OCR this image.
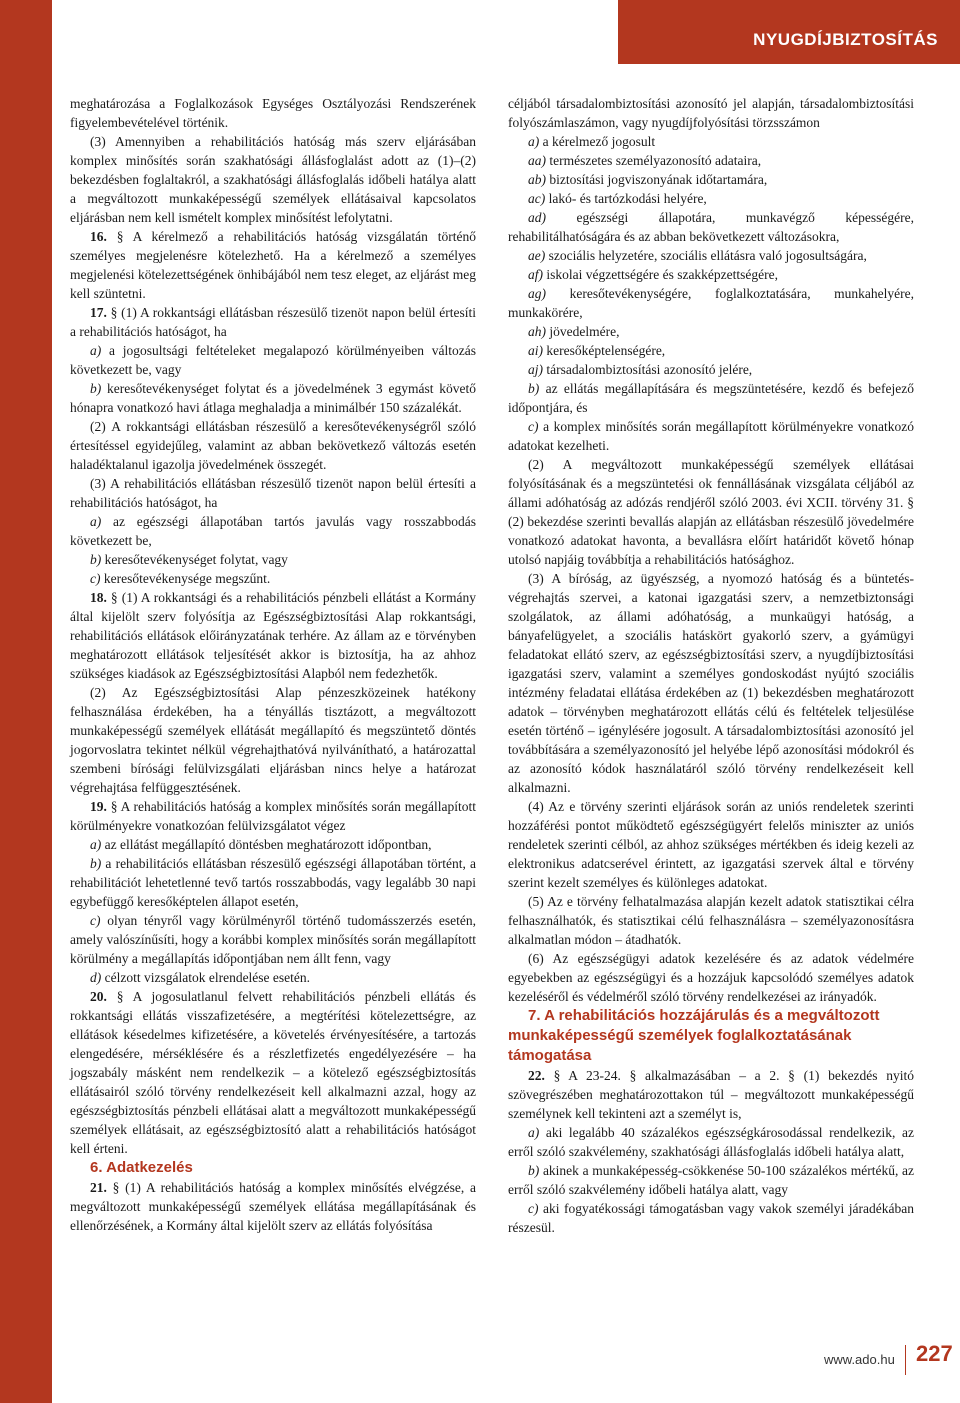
NYUGDÍJBIZTOSÍTÁS

meghatározása a Foglalkozások Egységes Osztályozási Rendszerének figyelembevételével történik.

(3) Amennyiben a rehabilitációs hatóság más szerv eljárásában komplex minősítés során szakhatósági állásfoglalást adott az (1)–(2) bekezdésben foglaltakról, a szakhatósági állásfoglalás időbeli hatálya alatt a megváltozott munkaképességű személyek ellátásaival kapcsolatos eljárásban nem kell ismételt komplex minősítést lefolytatni.

16. § A kérelmező a rehabilitációs hatóság vizsgálatán történő személyes megjelenésre kötelezhető. Ha a kérelmező a személyes megjelenési kötelezettségének önhibájából nem tesz eleget, az eljárást meg kell szüntetni.

17. § (1) A rokkantsági ellátásban részesülő tizenöt napon belül értesíti a rehabilitációs hatóságot, ha

a) a jogosultsági feltételeket megalapozó körülményeiben változás következett be, vagy

b) keresőtevékenységet folytat és a jövedelmének 3 egymást követő hónapra vonatkozó havi átlaga meghaladja a minimálbér 150 százalékát.

(2) A rokkantsági ellátásban részesülő a keresőtevékenységről szóló értesítéssel egyidejűleg, valamint az abban bekövetkező változás esetén haladéktalanul igazolja jövedelmének összegét.

(3) A rehabilitációs ellátásban részesülő tizenöt napon belül értesíti a rehabilitációs hatóságot, ha

a) az egészségi állapotában tartós javulás vagy rosszabbodás következett be,

b) keresőtevékenységet folytat, vagy

c) keresőtevékenysége megszűnt.

18. § (1) A rokkantsági és a rehabilitációs pénzbeli ellátást a Kormány által kijelölt szerv folyósítja az Egészségbiztosítási Alap rokkantsági, rehabilitációs ellátások előirányzatának terhére. Az állam az e törvényben meghatározott ellátások teljesítését akkor is biztosítja, ha az ahhoz szükséges kiadások az Egészségbiztosítási Alapból nem fedezhetők.

(2) Az Egészségbiztosítási Alap pénzeszközeinek hatékony felhasználása érdekében, ha a tényállás tisztázott, a megváltozott munkaképességű személyek ellátását megállapító és megszüntető döntés jogorvoslatra tekintet nélkül végrehajthatóvá nyilvánítható, a határozattal szembeni bírósági felülvizsgálati eljárásban nincs helye a határozat végrehajtása felfüggesztésének.

19. § A rehabilitációs hatóság a komplex minősítés során megállapított körülményekre vonatkozóan felülvizsgálatot végez

a) az ellátást megállapító döntésben meghatározott időpontban,

b) a rehabilitációs ellátásban részesülő egészségi állapotában történt, a rehabilitációt lehetetlenné tevő tartós rosszabbodás, vagy legalább 30 napi egybefüggő keresőképtelen állapot esetén,

c) olyan tényről vagy körülményről történő tudomásszerzés esetén, amely valószínűsíti, hogy a korábbi komplex minősítés során megállapított körülmény a megállapítás időpontjában nem állt fenn, vagy

d) célzott vizsgálatok elrendelése esetén.

20. § A jogosulatlanul felvett rehabilitációs pénzbeli ellátás és rokkantsági ellátás visszafizetésére, a megtérítési kötelezettségre, az ellátások késedelmes kifizetésére, a követelés érvényesítésére, a tartozás elengedésére, mérséklésére és a részletfizetés engedélyezésére – ha jogszabály másként nem rendelkezik – a kötelező egészségbiztosítás ellátásairól szóló törvény rendelkezéseit kell alkalmazni azzal, hogy az egészségbiztosítás pénzbeli ellátásai alatt a megváltozott munkaképességű személyek ellátásait, az egészségbiztosító alatt a rehabilitációs hatóságot kell érteni.

6. Adatkezelés

21. § (1) A rehabilitációs hatóság a komplex minősítés elvégzése, a megváltozott munkaképességű személyek ellátása megállapításának és ellenőrzésének, a Kormány által kijelölt szerv az ellátás folyósítása

céljából társadalombiztosítási azonosító jel alapján, társadalombiztosítási folyószámlaszámon, vagy nyugdíjfolyósítási törzsszámon

a) a kérelmező jogosult

aa) természetes személyazonosító adataira,

ab) biztosítási jogviszonyának időtartamára,

ac) lakó- és tartózkodási helyére,

ad) egészségi állapotára, munkavégző képességére, rehabilitálhatóságára és az abban bekövetkezett változásokra,

ae) szociális helyzetére, szociális ellátásra való jogosultságára,

af) iskolai végzettségére és szakképzettségére,

ag) keresőtevékenységére, foglalkoztatására, munkahelyére, munkakörére,

ah) jövedelmére,

ai) keresőképtelenségére,

aj) társadalombiztosítási azonosító jelére,

b) az ellátás megállapítására és megszüntetésére, kezdő és befejező időpontjára, és

c) a komplex minősítés során megállapított körülményekre vonatkozó adatokat kezelheti.

(2) A megváltozott munkaképességű személyek ellátásai folyósításának és a megszüntetési ok fennállásának vizsgálata céljából az állami adóhatóság az adózás rendjéről szóló 2003. évi XCII. törvény 31. § (2) bekezdése szerinti bevallás alapján az ellátásban részesülő jövedelmére vonatkozó adatokat havonta, a bevallásra előírt határidőt követő hónap utolsó napjáig továbbítja a rehabilitációs hatósághoz.

(3) A bíróság, az ügyészség, a nyomozó hatóság és a büntetés-végrehajtás szervei, a katonai igazgatási szerv, a nemzetbiztonsági szolgálatok, az állami adóhatóság, a munkaügyi hatóság, a bányafelügyelet, a szociális hatáskört gyakorló szerv, a gyámügyi feladatokat ellátó szerv, az egészségbiztosítási szerv, a nyugdíjbiztosítási igazgatási szerv, valamint a személyes gondoskodást nyújtó szociális intézmény feladatai ellátása érdekében az (1) bekezdésben meghatározott adatok – törvényben meghatározott ellátás célú és feltételek teljesülése esetén történő – igénylésére jogosult. A társadalombiztosítási azonosító jel továbbítására a személyazonosító jel helyébe lépő azonosítási módokról és az azonosító kódok használatáról szóló törvény rendelkezéseit kell alkalmazni.

(4) Az e törvény szerinti eljárások során az uniós rendeletek szerinti hozzáférési pontot működtető egészségügyért felelős miniszter az uniós rendeletek szerinti célból, az ahhoz szükséges mértékben és ideig kezeli az elektronikus adatcserével érintett, az igazgatási szervek által e törvény szerint kezelt személyes és különleges adatokat.

(5) Az e törvény felhatalmazása alapján kezelt adatok statisztikai célra felhasználhatók, és statisztikai célú felhasználásra – személyazonosításra alkalmatlan módon – átadhatók.

(6) Az egészségügyi adatok kezelésére és az adatok védelmére egyebekben az egészségügyi és a hozzájuk kapcsolódó személyes adatok kezeléséről és védelméről szóló törvény rendelkezései az irányadók.

7. A rehabilitációs hozzájárulás és a megváltozott munkaképességű személyek foglalkoztatásának támogatása

22. § A 23-24. § alkalmazásában – a 2. § (1) bekezdés nyitó szövegrészében meghatározottakon túl – megváltozott munkaképességű személynek kell tekinteni azt a személyt is,

a) aki legalább 40 százalékos egészségkárosodással rendelkezik, az erről szóló szakvélemény, szakhatósági állásfoglalás időbeli hatálya alatt,

b) akinek a munkaképesség-csökkenése 50-100 százalékos mértékű, az erről szóló szakvélemény időbeli hatálya alatt, vagy

c) aki fogyatékossági támogatásban vagy vakok személyi járadékában részesül.

www.ado.hu 227
